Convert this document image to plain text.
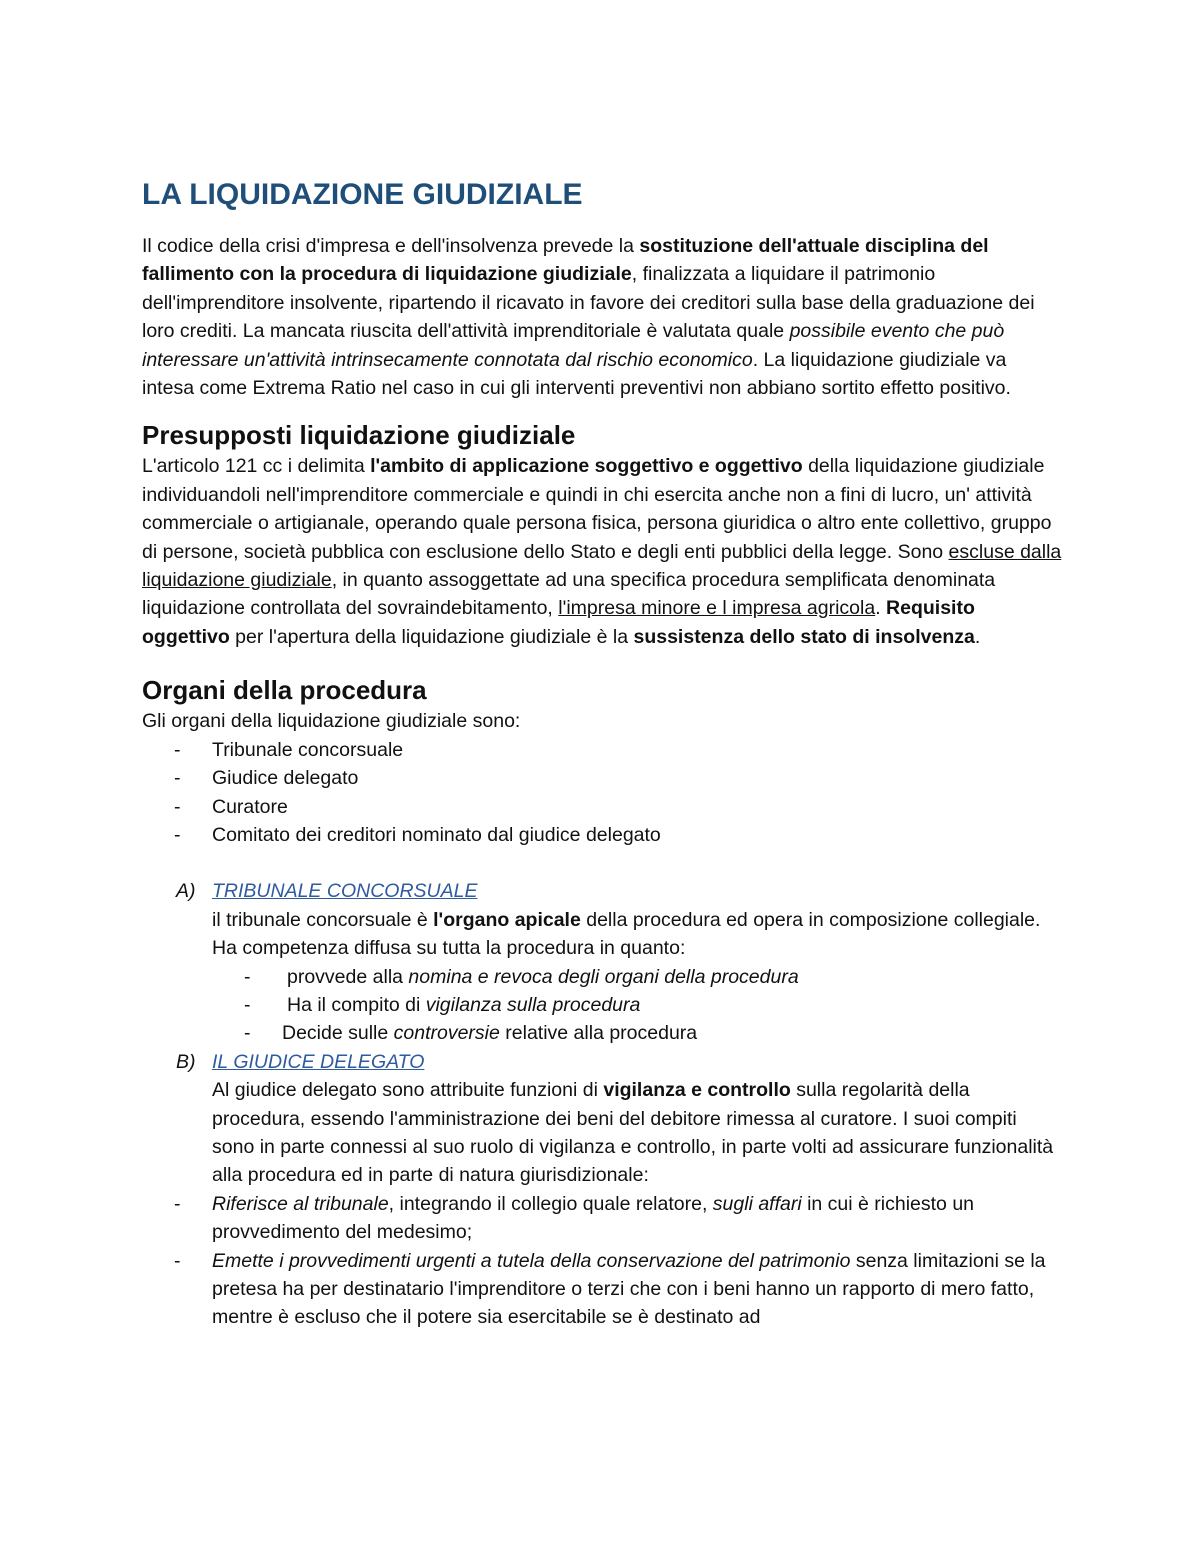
LA LIQUIDAZIONE GIUDIZIALE

Il codice della crisi d'impresa e dell'insolvenza prevede la sostituzione dell'attuale disciplina del fallimento con la procedura di liquidazione giudiziale, finalizzata a liquidare il patrimonio dell'imprenditore insolvente, ripartendo il ricavato in favore dei creditori sulla base della graduazione dei loro crediti. La mancata riuscita dell'attività imprenditoriale è valutata quale possibile evento che può interessare un'attività intrinsecamente connotata dal rischio economico. La liquidazione giudiziale va intesa come Extrema Ratio nel caso in cui gli interventi preventivi non abbiano sortito effetto positivo.

Presupposti liquidazione giudiziale

L'articolo 121 cc i delimita l'ambito di applicazione soggettivo e oggettivo della liquidazione giudiziale individuandoli nell'imprenditore commerciale e quindi in chi esercita anche non a fini di lucro, un' attività commerciale o artigianale, operando quale persona fisica, persona giuridica o altro ente collettivo, gruppo di persone, società pubblica con esclusione dello Stato e degli enti pubblici della legge. Sono escluse dalla liquidazione giudiziale, in quanto assoggettate ad una specifica procedura semplificata denominata liquidazione controllata del sovraindebitamento, l'impresa minore e l impresa agricola. Requisito oggettivo per l'apertura della liquidazione giudiziale è la sussistenza dello stato di insolvenza.

Organi della procedura

Gli organi della liquidazione giudiziale sono:

- Tribunale concorsuale
- Giudice delegato
- Curatore
- Comitato dei creditori nominato dal giudice delegato
A) TRIBUNALE CONCORSUALE
il tribunale concorsuale è l'organo apicale della procedura ed opera in composizione collegiale. Ha competenza diffusa su tutta la procedura in quanto:
- provvede alla nomina e revoca degli organi della procedura
- Ha il compito di vigilanza sulla procedura
- Decide sulle controversie relative alla procedura
B) IL GIUDICE DELEGATO
Al giudice delegato sono attribuite funzioni di vigilanza e controllo sulla regolarità della procedura, essendo l'amministrazione dei beni del debitore rimessa al curatore. I suoi compiti sono in parte connessi al suo ruolo di vigilanza e controllo, in parte volti ad assicurare funzionalità alla procedura ed in parte di natura giurisdizionale:
- Riferisce al tribunale, integrando il collegio quale relatore, sugli affari in cui è richiesto un provvedimento del medesimo;
- Emette i provvedimenti urgenti a tutela della conservazione del patrimonio senza limitazioni se la pretesa ha per destinatario l'imprenditore o terzi che con i beni hanno un rapporto di mero fatto, mentre è escluso che il potere sia esercitabile se è destinato ad
